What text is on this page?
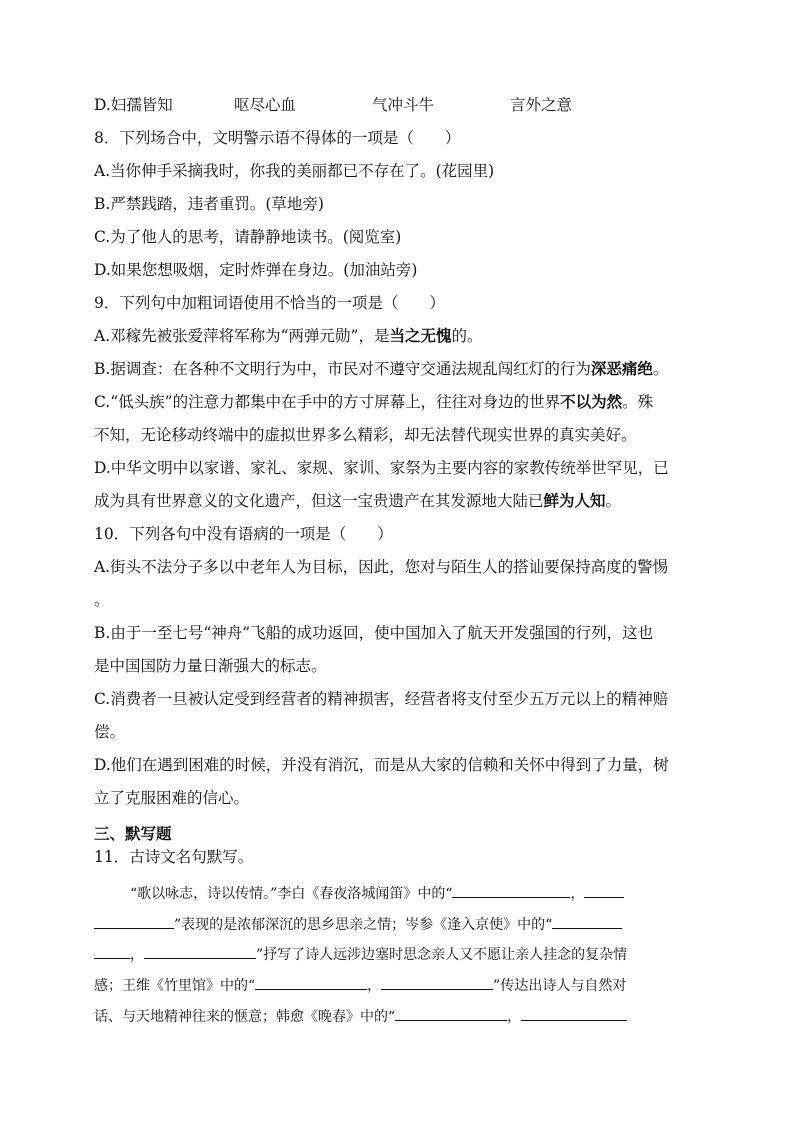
D.妇孺皆知	呕尽心血	气冲斗牛	言外之意
8．下列场合中，文明警示语不得体的一项是（　　）
A.当你伸手采摘我时，你我的美丽都已不存在了。(花园里)
B.严禁践踏，违者重罚。(草地旁)
C.为了他人的思考，请静静地读书。(阅览室)
D.如果您想吸烟，定时炸弹在身边。(加油站旁)
9．下列句中加粗词语使用不恰当的一项是（　　）
A.邓稼先被张爱萍将军称为“两弹元勋”，是当之无愧的。
B.据调查：在各种不文明行为中，市民对不遵守交通法规乱闯红灯的行为深恶痛绝。
C.“低头族”的注意力都集中在手中的方寸屏幕上，往往对身边的世界不以为然。殊
不知，无论移动终端中的虚拟世界多么精彩，却无法替代现实世界的真实美好。
D.中华文明中以家谱、家礼、家规、家训、家祭为主要内容的家教传统举世罕见，已
成为具有世界意义的文化遗产，但这一宝贵遗产在其发源地大陆已鲜为人知。
10．下列各句中没有语病的一项是（　　）
A.街头不法分子多以中老年人为目标，因此，您对与陌生人的搭讪要保持高度的警惕
。
B.由于一至七号“神舟”飞船的成功返回，使中国加入了航天开发强国的行列，这也
是中国国防力量日渐强大的标志。
C.消费者一旦被认定受到经营者的精神损害，经营者将支付至少五万元以上的精神赔
偿。
D.他们在遇到困难的时候，并没有消沉，而是从大家的信赖和关怀中得到了力量，树
立了克服困难的信心。
三、默写题
11．古诗文名句默写。
“歌以咏志，诗以传情。”李白《春夜洛城闻笛》中的“	，
”表现的是浓郁深沉的思乡思亲之情；岑参《逢入京使》中的“
，	”抒写了诗人远涉边塞时思念亲人又不愿让亲人挂念的复杂情
感；王维《竹里馆》中的“	，	”传达出诗人与自然对
话、与天地精神往来的惬意；韩愈《晚春》中的“	，
